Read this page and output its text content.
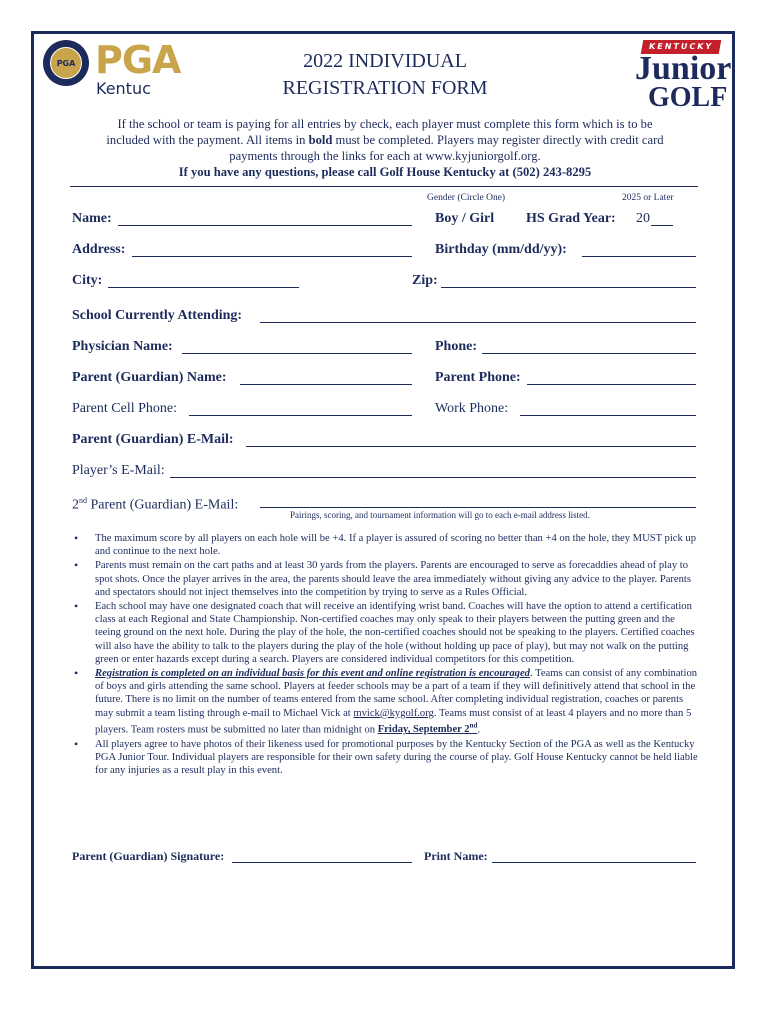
PGA PGA
Kentuc
2022 INDIVIDUAL
REGISTRATION FORM
KENTUCKY
Junior
GOLF
If the school or team is paying for all entries by check, each player must complete this form which is to be
included with the payment. All items in bold must be completed. Players may register directly with credit card
payments through the links for each at www.kyjuniorgolf.org.
If you have any questions, please call Golf House Kentucky at (502) 243-8295
Gender (Circle One)	2025 or Later
Name:	Boy / Girl HS Grad Year: 20
Address:	Birthday (mm/dd/yy):
City:	Zip:
School Currently Attending:
Physician Name:	Phone:
Parent (Guardian) Name:	Parent Phone:
Parent Cell Phone:	Work Phone:
Parent (Guardian) E-Mail:
Player’s E-Mail:
2nd Parent (Guardian) E-Mail:
Pairings, scoring, and tournament information will go to each e-mail address listed.
• The maximum score by all players on each hole will be +4. If a player is assured of scoring no better than +4 on the hole, they MUST pick up and continue to the next hole.
• Parents must remain on the cart paths and at least 30 yards from the players. Parents are encouraged to serve as forecaddies ahead of play to spot shots. Once the player arrives in the area, the parents should leave the area immediately without giving any advice to the player. Parents and spectators should not inject themselves into the competition by trying to serve as a Rules Official.
• Each school may have one designated coach that will receive an identifying wrist band. Coaches will have the option to attend a certification class at each Regional and State Championship. Non-certified coaches may only speak to their players between the putting green and the teeing ground on the next hole. During the play of the hole, the non-certified coaches should not be speaking to the players. Certified coaches will also have the ability to talk to the players during the play of the hole (without holding up pace of play), but may not walk on the putting green or enter hazards except during a search. Players are considered individual competitors for this competition.
• Registration is completed on an individual basis for this event and online registration is encouraged. Teams can consist of any combination of boys and girls attending the same school. Players at feeder schools may be a part of a team if they will definitively attend that school in the future. There is no limit on the number of teams entered from the same school. After completing individual registration, coaches or parents may submit a team listing through e-mail to Michael Vick at mvick@kygolf.org. Teams must consist of at least 4 players and no more than 5 players. Team rosters must be submitted no later than midnight on Friday, September 2nd.
• All players agree to have photos of their likeness used for promotional purposes by the Kentucky Section of the PGA as well as the Kentucky PGA Junior Tour. Individual players are responsible for their own safety during the course of play. Golf House Kentucky cannot be held liable for any injuries as a result play in this event.
Parent (Guardian) Signature:	Print Name:
